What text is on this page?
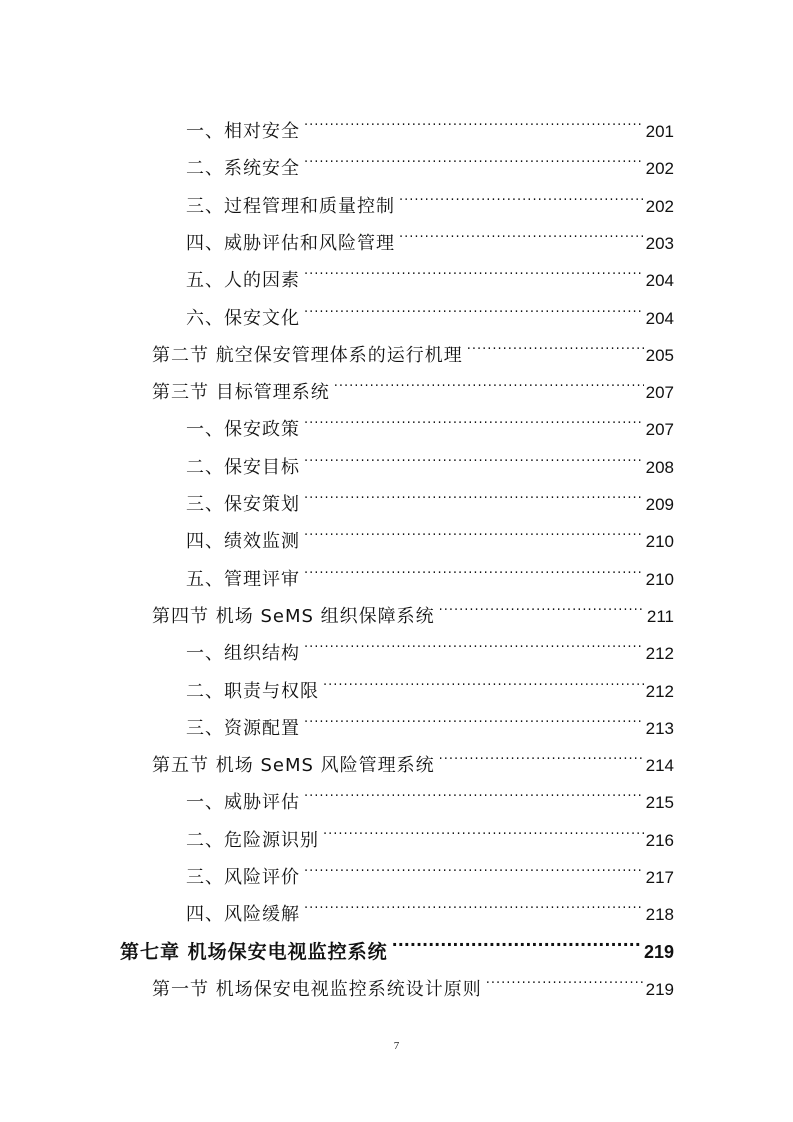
一、相对安全 .....	201
二、系统安全 .....	202
三、过程管理和质量控制 .....	202
四、威胁评估和风险管理 .....	203
五、人的因素 .....	204
六、保安文化 .....	204
第二节 航空保安管理体系的运行机理 .....	205
第三节 目标管理系统 .....	207
一、保安政策 .....	207
二、保安目标 .....	208
三、保安策划 .....	209
四、绩效监测 .....	210
五、管理评审 .....	210
第四节 机场 SeMS 组织保障系统 .....	211
一、组织结构 .....	212
二、职责与权限 .....	212
三、资源配置 .....	213
第五节 机场 SeMS 风险管理系统 .....	214
一、威胁评估 .....	215
二、危险源识别 .....	216
三、风险评价 .....	217
四、风险缓解 .....	218
第七章 机场保安电视监控系统 .....	219
第一节 机场保安电视监控系统设计原则 .....	219
7
